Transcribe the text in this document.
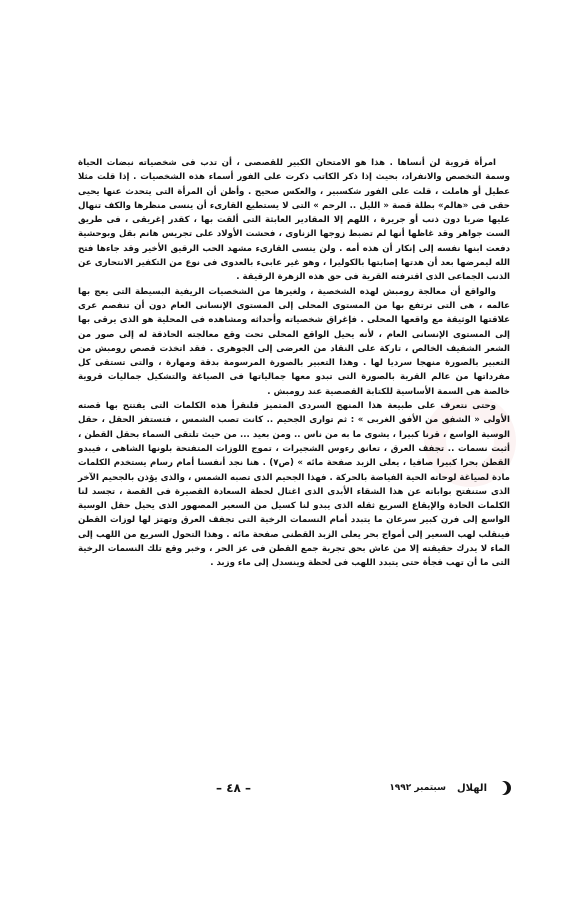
امرأة قروية لن أنساها . هذا هو الامتحان الكبير للقصصى ، أن تدب فى شخصياته نبضات الحياة وسمة التخصص والانفراد، بحيث إذا ذكر الكاتب ذكرت على الفور أسماء هذه الشخصيات . إذا قلت مثلا عطيل أو هاملت ، قلت على الفور شكسبير ، والعكس صحيح . وأظن أن المرأة التى يتحدث عنها يحيى حقى فى «هالم» بطلة قصة « الليل .. الرحم » التى لا يستطيع القارىء أن ينسى منظرها والكف تنهال عليها ضربا دون ذنب أو جريرة ، اللهم إلا المقادير العابثة التى ألقت بها ، كقدر إغريقى ، فى طريق الست جواهر وقد غاظها أنها لم تضبط زوجها الزناوى ، فحشت الأولاد على تجريس هانم بقل وبوحشية دفعت ابنها نفسه إلى إنكار أن هذه أمه . ولن ينسى القارىء مشهد الحب الرقيق الأخير وقد جاءها فتح الله ليمرضها بعد أن هدتها إصابتها بالكوليرا ، وهو غير عابىء بالعدوى فى نوع من التكفير الانتحارى عن الذنب الجماعى الذى اقترفته القرية فى حق هذه الزهرة الرقيقة .

والواقع أن معالجة رومبش لهذه الشخصية ، ولغيرها من الشخصيات الريفية البسيطة التى يعج بها عالمه ، هى التى ترتفع بها من المستوى المحلى إلى المستوى الإنسانى العام دون أن تنفصم عرى علاقتها الوثيقة مع واقعها المحلى . فإغراق شخصياته وأحداثه ومشاهده فى المحلية هو الذى يرقى بها إلى المستوى الإنسانى العام ، لأنه يحيل الواقع المحلى تحت وقع معالجته الحاذقة له إلى صور من الشعر الشفيف الخالص ، تاركة على النقاد من العرضى إلى الجوهرى . فقد اتخذت قصص رومبش من التعبير بالصورة منهجا سرديا لها . وهذا التعبير بالصورة المرسومة بدقة ومهارة ، والتى تستقى كل مفرداتها من عالم القرية بالصورة التى تبدو معها جمالياتها فى الصياغة والتشكيل جماليات قروية خالصة هى السمة الأساسية للكتابة القصصية عند رومبش .

وحتى نتعرف على طبيعة هذا المنهج السردى المتميز فلنقرأ هذه الكلمات التى يفتتح بها قصته الأولى « الشفق من الأفق الغربى » : ثم توارى الجحيم .. كانت تصب الشمس ، فتستفز الحقل ، حقل الوسية الواسع ، قرنا كبيرا ، يشوى ما به من ناس .. ومن بعيد ... من حيث تلتقى السماء بحقل القطن ، أثبت نسمات .. تجفف العرق ، تعانق رءوس الشجيرات ، تموج اللوزات المتفتحة بلونها الشاهى ، فيبدو القطن بحرا كبيرا صافيا ، يعلى الزبد صفحة مائه » (ص٧) . هنا نجد أنفسنا أمام رسام يستخدم الكلمات مادة لصياغة لوحاته الحية الفياضة بالحركة . فهذا الجحيم الذى تصبه الشمس ، والذى يؤذن بالجحيم الآخر الذى ستنفتح بواباته عن هذا الشقاء الأبدى الذى اغتال لحظة السعادة القصيرة فى القصة ، تجسد لنا الكلمات الحادة والإيقاع السريع ثقله الذى يبدو لنا كسيل من السعير المصهور الذى يحيل حقل الوسية الواسع إلى فرن كبير سرعان ما يتبدد أمام النسمات الرخية التى تجفف العرق وتهتز لها لوزات القطن فينقلب لهب السعير إلى أمواج بحر يعلى الزبد القطنى صفحة مائه . وهذا التحول السريع من اللهب إلى الماء لا يدرك حقيقته إلا من عاش بحق تجربة جمع القطن فى عز الحر ، وخبر وقع تلك النسمات الرخية التى ما أن تهب فجأة حتى يتبدد اللهب فى لحظة وينسدل إلى ماء وزبد .

الهلال
سبتمبر ١٩٩٢
– ٤٨ –
